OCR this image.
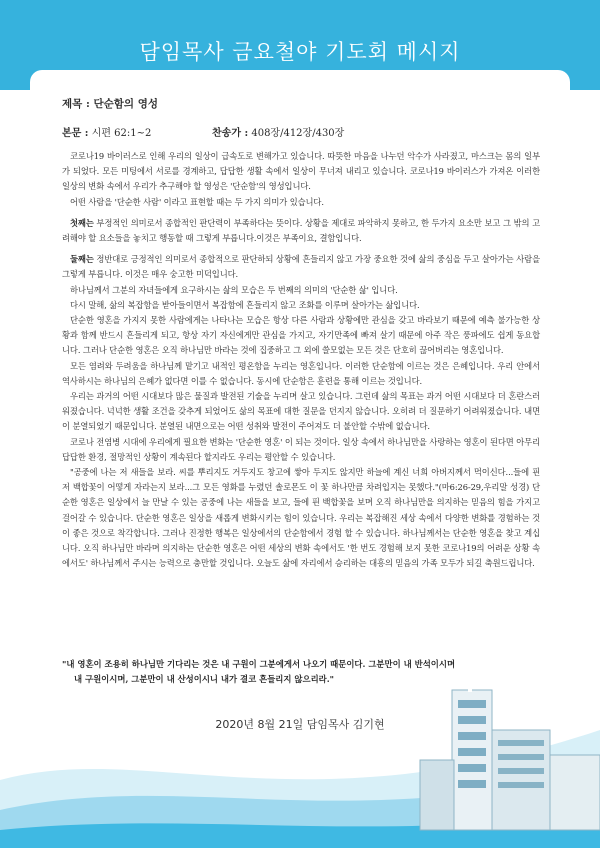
담임목사 금요철야 기도회 메시지
제목 : 단순함의 영성
본문 : 시편 62:1~2	찬송가 : 408장/412장/430장

코로나19 바이러스로 인해 우리의 일상이 급속도로 변해가고 있습니다. 따뜻한 마음을 나누던 악수가 사라졌고, 마스크는 몸의 일부가 되었다. 모든 미팅에서 서로를 경계하고, 답답한 생활 속에서 일상이 무너져 내리고 있습니다. 코로나19 바이러스가 가져온 이러한 일상의 변화 속에서 우리가 추구해야 할 영성은 '단순함'의 영성입니다.

어떤 사람을 '단순한 사람' 이라고 표현할 때는 두 가지 의미가 있습니다.

첫째는 부정적인 의미로서 종합적인 판단력이 부족하다는 뜻이다. 상황을 제대로 파악하지 못하고, 한 두가지 요소만 보고 그 밖의 고려해야 할 요소들을 놓치고 행동할 때 그렇게 부릅니다.이것은 부족이요, 결함입니다.

둘째는 정반대로 긍정적인 의미로서 종합적으로 판단하되 상황에 흔들리지 않고 가장 중요한 것에 삶의 중심을 두고 살아가는 사람을 그렇게 부릅니다. 이것은 매우 숭고한 미덕입니다.

하나님께서 그분의 자녀들에게 요구하시는 삶의 모습은 두 번째의 의미의 '단순한 삶' 입니다.

다시 말해, 삶의 복잡함을 받아들이면서 복잡함에 흔들리지 않고 조화를 이루며 살아가는 삶입니다.

단순한 영혼을 가지지 못한 사람에게는 나타나는 모습은 항상 다른 사람과 상황에만 관심을 갖고 바라보기 때문에 예측 불가능한 상황과 함께 반드시 흔들리게 되고, 항상 자기 자신에게만 관심을 가지고, 자기만족에 빠져 살기 때문에 아주 작은 풍파에도 쉽게 동요합니다. 그러나 단순한 영혼은 오직 하나님만 바라는 것에 집중하고 그 외에 쓸모없는 모든 것은 단호히 끊어버리는 영혼입니다.

모든 염려와 두려움을 하나님께 맡기고 내적인 평온함을 누리는 영혼입니다. 이러한 단순함에 이르는 것은 은혜입니다. 우리 안에서 역사하시는 하나님의 은혜가 없다면 이를 수 없습니다. 동시에 단순함은 훈련을 통해 이르는 것입니다.

우리는 과거의 어떤 시대보다 많은 물질과 발전된 기술을 누리며 살고 있습니다. 그런데 삶의 목표는 과거 어떤 시대보다 더 혼란스러워졌습니다. 넉넉한 생활 조건을 갖추게 되었어도 삶의 목표에 대한 질문을 던지지 않습니다. 오히려 더 질문하기 어려워졌습니다. 내면이 분열되었기 때문입니다. 분열된 내면으로는 어떤 성취와 발전이 주어져도 더 불안할 수밖에 없습니다.

코로나 전염병 시대에 우리에게 필요한 변화는 '단순한 영혼' 이 되는 것이다. 일상 속에서 하나님만을 사랑하는 영혼이 된다면 아무리 답답한 환경, 절망적인 상황이 계속된다 할지라도 우리는 평안할 수 있습니다.

"공중에 나는 저 새들을 보라. 씨를 뿌리지도 거두지도 창고에 쌓아 두지도 않지만 하늘에 계신 너희 아버지께서 먹이신다...들에 핀 저 백합꽃이 어떻게 자라는지 보라...그 모든 영화를 누렸던 솔로몬도 이 꽃 하나만큼 차려입지는 못했다."(마6:26-29,우리말 성경) 단순한 영혼은 일상에서 늘 만날 수 있는 공중에 나는 새들을 보고, 들에 핀 백합꽃을 보며 오직 하나님만을 의지하는 믿음의 힘을 가지고 걸어갈 수 있습니다. 단순한 영혼은 일상을 새롭게 변화시키는 힘이 있습니다. 우리는 복잡해진 세상 속에서 다양한 변화를 경험하는 것이 좋은 것으로 착각합니다. 그러나 진정한 행복은 일상에서의 단순함에서 경험 할 수 있습니다. 하나님께서는 단순한 영혼을 찾고 계십니다. 오직 하나님만 바라며 의지하는 단순한 영혼은 어떤 세상의 변화 속에서도 '한 번도 경험해 보지 못한 코로나19의 어려운 상황 속에서도' 하나님께서 주시는 능력으로 충만할 것입니다. 오늘도 삶에 자리에서 승리하는 대흥의 믿음의 가족 모두가 되길 축원드립니다.

"내 영혼이 조용히 하나님만 기다리는 것은 내 구원이 그분에게서 나오기 때문이다. 그분만이 내 반석이시며

내 구원이시며, 그분만이 내 산성이시니 내가 결코 흔들리지 않으리라."

2020년 8월 21일 담임목사 김기현
